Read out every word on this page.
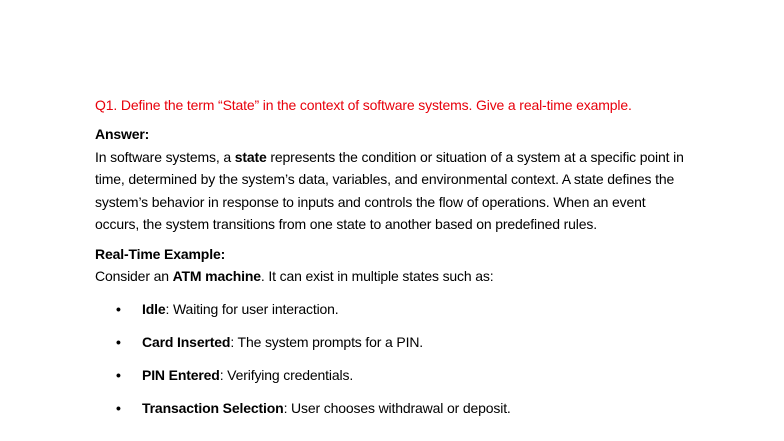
Q1. Define the term “State” in the context of software systems. Give a real-time example.

Answer:

In software systems, a state represents the condition or situation of a system at a specific point in time, determined by the system’s data, variables, and environmental context. A state defines the system’s behavior in response to inputs and controls the flow of operations. When an event occurs, the system transitions from one state to another based on predefined rules.

Real-Time Example:

Consider an ATM machine. It can exist in multiple states such as:

• Idle: Waiting for user interaction.
• Card Inserted: The system prompts for a PIN.
• PIN Entered: Verifying credentials.
• Transaction Selection: User chooses withdrawal or deposit.
